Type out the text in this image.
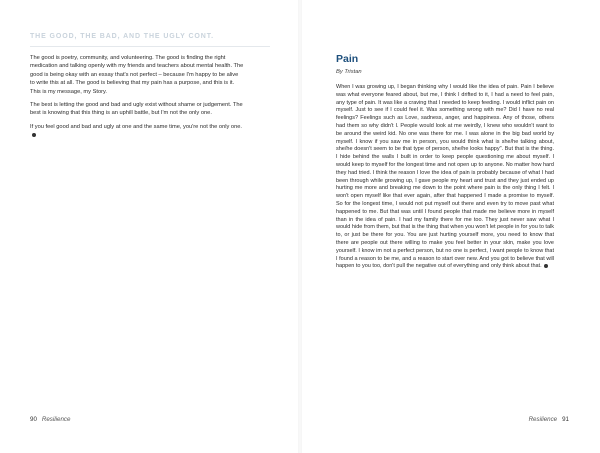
THE GOOD, THE BAD, AND THE UGLY CONT.

The good is poetry, community, and volunteering. The good is finding the right medication and talking openly with my friends and teachers about mental health. The good is being okay with an essay that's not perfect – because I'm happy to be alive to write this at all. The good is believing that my pain has a purpose, and this is it. This is my message, my Story.

The best is letting the good and bad and ugly exist without shame or judgement. The best is knowing that this thing is an uphill battle, but I'm not the only one.

If you feel good and bad and ugly at one and the same time, you're not the only one.

90 Resilience
Pain
By Tristan

When I was growing up, I began thinking why I would like the idea of pain. Pain I believe was what everyone feared about, but me, I think I drifted to it, I had a need to feel pain, any type of pain. It was like a craving that I needed to keep feeding. I would inflict pain on myself. Just to see if I could feel it. Was something wrong with me? Did I have no real feelings? Feelings such as Love, sadness, anger, and happiness. Any of those, others had them so why didn't I. People would look at me weirdly, I knew who wouldn't want to be around the weird kid. No one was there for me. I was alone in the big bad world by myself. I know if you saw me in person, you would think what is she/he talking about, she/he doesn't seem to be that type of person, she/he looks happy". But that is the thing. I hide behind the walls I built in order to keep people questioning me about myself. I would keep to myself for the longest time and not open up to anyone. No matter how hard they had tried. I think the reason I love the idea of pain is probably because of what I had been through while growing up, I gave people my heart and trust and they just ended up hurting me more and breaking me down to the point where pain is the only thing I felt. I won't open myself like that ever again, after that happened I made a promise to myself. So for the longest time, I would not put myself out there and even try to move past what happened to me. But that was until I found people that made me believe more in myself than in the idea of pain. I had my family there for me too. They just never saw what I would hide from them, but that is the thing that when you won't let people in for you to talk to, or just be there for you. You are just hurting yourself more, you need to know that there are people out there willing to make you feel better in your skin, make you love yourself. I know im not a perfect person, but no one is perfect, I want people to know that I found a reason to be me, and a reason to start over new. And you got to believe that will happen to you too, don't pull the negative out of everything and only think about that.

Resilience 91
